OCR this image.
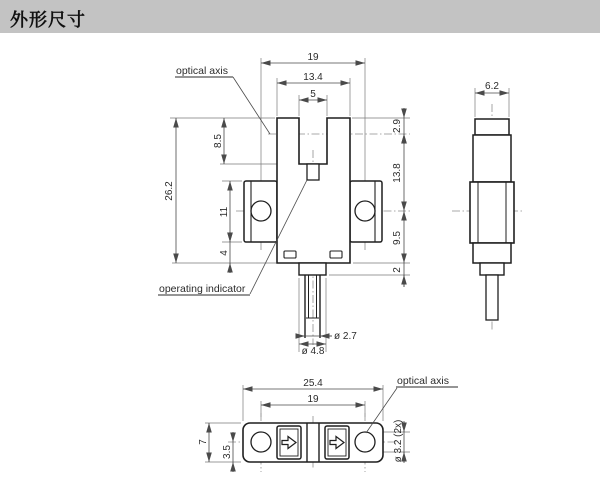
外形尺寸
19
13.4
5
8.5
26.2
11
4
2.9
13.8
9.5
2
ø 2.7
ø 4.8
optical axis
operating indicator
6.2
25.4
19
7
3.5	ø 3.2 (2x)
optical axis
